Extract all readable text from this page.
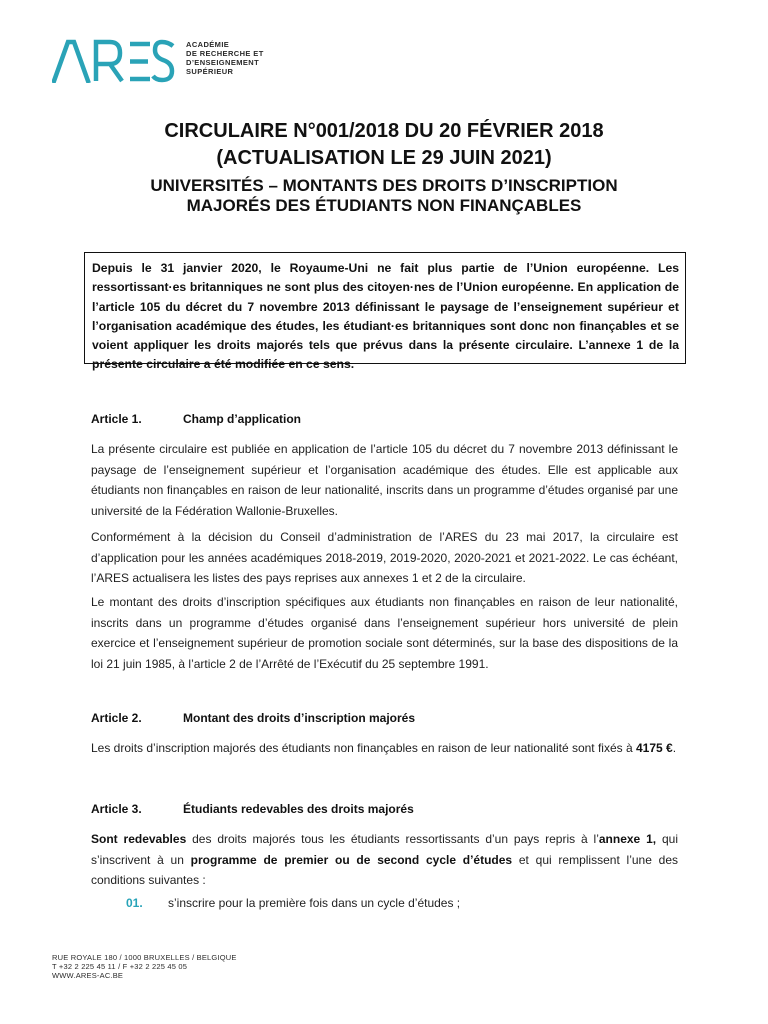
ACADÉMIE
DE RECHERCHE ET
D’ENSEIGNEMENT
SUPÉRIEUR
CIRCULAIRE N°001/2018 DU 20 FÉVRIER 2018
(ACTUALISATION LE 29 JUIN 2021)
UNIVERSITÉS – MONTANTS DES DROITS D’INSCRIPTION
MAJORÉS DES ÉTUDIANTS NON FINANÇABLES
Depuis le 31 janvier 2020, le Royaume-Uni ne fait plus partie de l’Union européenne. Les ressortissant·es britanniques ne sont plus des citoyen·nes de l’Union européenne. En application de l’article 105 du décret du 7 novembre 2013 définissant le paysage de l’enseignement supérieur et l’organisation académique des études, les étudiant·es britanniques sont donc non finançables et se voient appliquer les droits majorés tels que prévus dans la présente circulaire. L’annexe 1 de la présente circulaire a été modifiée en ce sens.
Article 1.	Champ d’application
La présente circulaire est publiée en application de l’article 105 du décret du 7 novembre 2013 définissant le paysage de l’enseignement supérieur et l’organisation académique des études. Elle est applicable aux étudiants non finançables en raison de leur nationalité, inscrits dans un programme d’études organisé par une université de la Fédération Wallonie-Bruxelles.
Conformément à la décision du Conseil d’administration de l’ARES du 23 mai 2017, la circulaire est d’application pour les années académiques 2018-2019, 2019-2020, 2020-2021 et 2021-2022. Le cas échéant, l’ARES actualisera les listes des pays reprises aux annexes 1 et 2 de la circulaire.
Le montant des droits d’inscription spécifiques aux étudiants non finançables en raison de leur nationalité, inscrits dans un programme d’études organisé dans l’enseignement supérieur hors université de plein exercice et l’enseignement supérieur de promotion sociale sont déterminés, sur la base des dispositions de la loi 21 juin 1985, à l’article 2 de l’Arrêté de l’Exécutif du 25 septembre 1991.
Article 2.	Montant des droits d’inscription majorés
Les droits d’inscription majorés des étudiants non finançables en raison de leur nationalité sont fixés à 4175 €.
Article 3.	Étudiants redevables des droits majorés
Sont redevables des droits majorés tous les étudiants ressortissants d’un pays repris à l’annexe 1, qui s’inscrivent à un programme de premier ou de second cycle d’études et qui remplissent l’une des conditions suivantes :
01. s’inscrire pour la première fois dans un cycle d’études ;
RUE ROYALE 180 / 1000 BRUXELLES / BELGIQUE
T +32 2 225 45 11 / F +32 2 225 45 05
WWW.ARES-AC.BE
